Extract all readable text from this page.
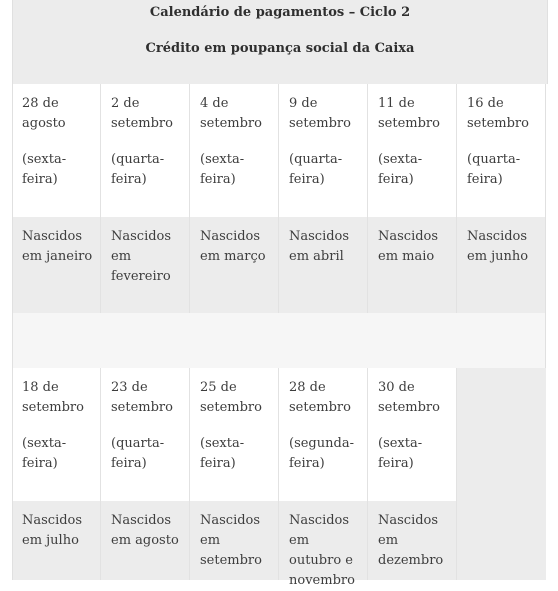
Calendário de pagamentos – Ciclo 2
Crédito em poupança social da Caixa
28 de agosto
(sexta-feira)
2 de setembro
(quarta-feira)
4 de setembro
(sexta-feira)
9 de setembro
(quarta-feira)
11 de setembro
(sexta-feira)
16 de setembro
(quarta-feira)
Nascidos em janeiro
Nascidos em fevereiro
Nascidos em março
Nascidos em abril
Nascidos em maio
Nascidos em junho
18 de setembro
(sexta-feira)
23 de setembro
(quarta-feira)
25 de setembro
(sexta-feira)
28 de setembro
(segunda-feira)
30 de setembro
(sexta-feira)
Nascidos em julho
Nascidos em agosto
Nascidos em setembro
Nascidos em outubro e novembro
Nascidos em dezembro
